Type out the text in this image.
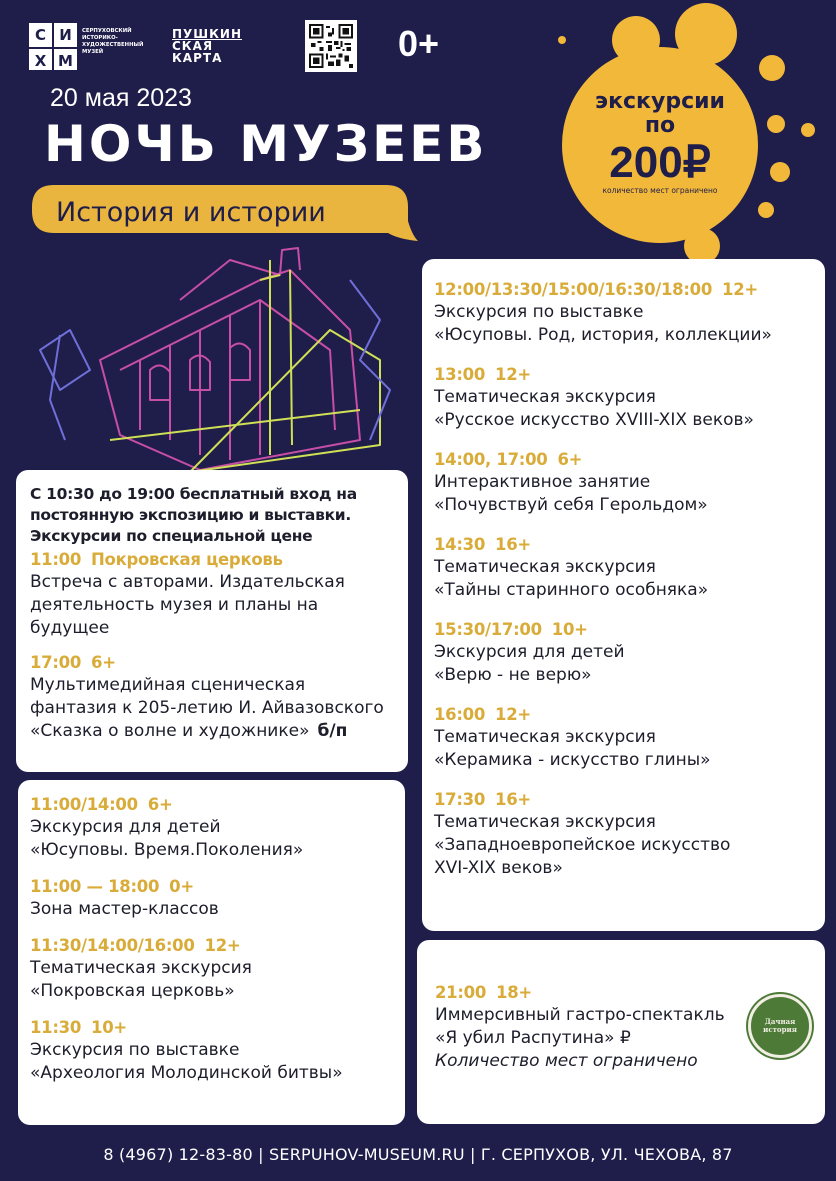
С И
Х М
СЕРПУХОВСКИЙ ИСТОРИКО-ХУДОЖЕСТВЕННЫЙ МУЗЕЙ
ПУШКИН
СКАЯ
КАРТА	0+
20 мая 2023
НОЧЬ МУЗЕЕВ
История и истории
экскурсии
по
200₽
количество мест ограничено
С 10:30 до 19:00 бесплатный вход на
постоянную экспозицию и выставки.
Экскурсии по специальной цене
11:00 Покровская церковь
Встреча с авторами. Издательская
деятельность музея и планы на
будущее
17:00 6+
Мультимедийная сценическая
фантазия к 205-летию И. Айвазовского
«Сказка о волне и художнике» б/п
11:00/14:00 6+
Экскурсия для детей
«Юсуповы. Время.Поколения»
11:00 — 18:00 0+
Зона мастер-классов
11:30/14:00/16:00 12+
Тематическая экскурсия
«Покровская церковь»
11:30 10+
Экскурсия по выставке
«Археология Молодинской битвы»
12:00/13:30/15:00/16:30/18:00 12+
Экскурсия по выставке
«Юсуповы. Род, история, коллекции»
13:00 12+
Тематическая экскурсия
«Русское искусство XVIII-XIX веков»
14:00, 17:00 6+
Интерактивное занятие
«Почувствуй себя Герольдом»
14:30 16+
Тематическая экскурсия
«Тайны старинного особняка»
15:30/17:00 10+
Экскурсия для детей
«Верю - не верю»
16:00 12+
Тематическая экскурсия
«Керамика - искусство глины»
17:30 16+
Тематическая экскурсия
«Западноевропейское искусство
XVI-XIX веков»
21:00 18+
Иммерсивный гастро-спектакль
«Я убил Распутина» ₽
Количество мест ограничено
Дачная история
8 (4967) 12-83-80 | SERPUHOV-MUSEUM.RU | Г. СЕРПУХОВ, УЛ. ЧЕХОВА, 87
